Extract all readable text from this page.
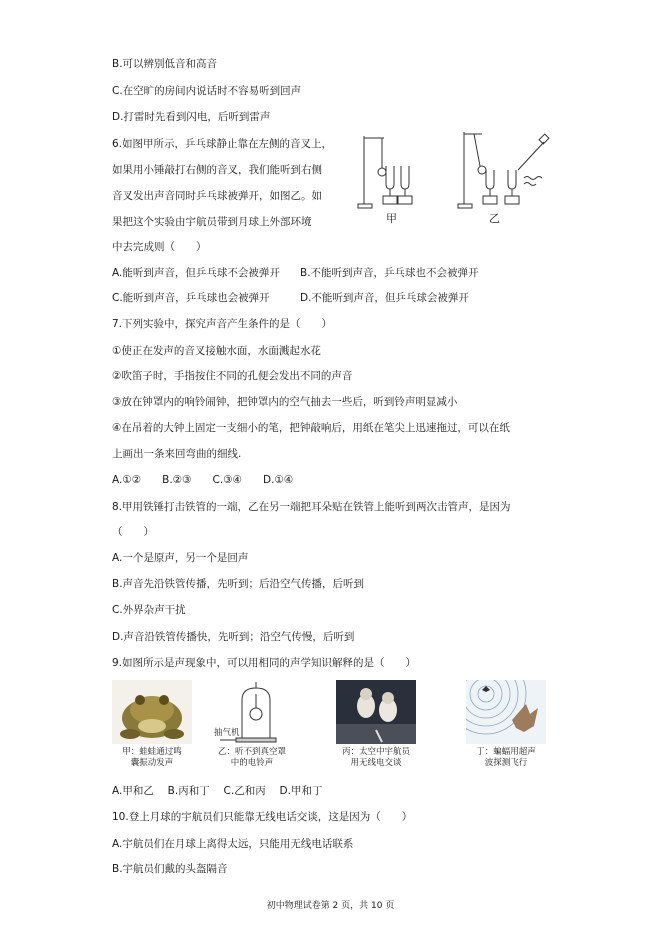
B.可以辨别低音和高音
C.在空旷的房间内说话时不容易听到回声
D.打雷时先看到闪电，后听到雷声
6.如图甲所示，乒乓球静止靠在左侧的音叉上，
如果用小锤敲打右侧的音叉，我们能听到右侧
音叉发出声音同时乒乓球被弹开，如图乙。如
果把这个实验由宇航员带到月球上外部环境
中去完成则（　　）
甲	乙
A.能听到声音，但乒乓球不会被弹开 B.不能听到声音，乒乓球也不会被弹开
C.能听到声音，乒乓球也会被弹开	D.不能听到声音，但乒乓球会被弹开
7.下列实验中，探究声音产生条件的是（　　）
①使正在发声的音叉接触水面，水面溅起水花
②吹笛子时，手指按住不同的孔便会发出不同的声音
③放在钟罩内的响铃闹钟，把钟罩内的空气抽去一些后，听到铃声明显减小
④在吊着的大钟上固定一支细小的笔，把钟敲响后，用纸在笔尖上迅速拖过，可以在纸
上画出一条来回弯曲的细线.
A.①②　　B.②③　　C.③④　　D.①④
8.甲用铁锤打击铁管的一端，乙在另一端把耳朵贴在铁管上能听到两次击管声，是因为
（　　）
A.一个是原声，另一个是回声
B.声音先沿铁管传播，先听到；后沿空气传播，后听到
C.外界杂声干扰
D.声音沿铁管传播快，先听到；沿空气传慢，后听到
9.如图所示是声现象中，可以用相同的声学知识解释的是（　　）
甲：蛙蛙通过鸣
囊振动发声
抽气机
乙：听不到真空罩
中的电铃声
丙：太空中宇航员
用无线电交谈
丁：蝙蝠用超声
波探测飞行
A.甲和乙　 B.丙和丁　 C.乙和丙　 D.甲和丁
10.登上月球的宇航员们只能靠无线电话交谈，这是因为（　　）
A.宇航员们在月球上离得太远，只能用无线电话联系
B.宇航员们戴的头盔隔音
初中物理试卷第 2 页，共 10 页
